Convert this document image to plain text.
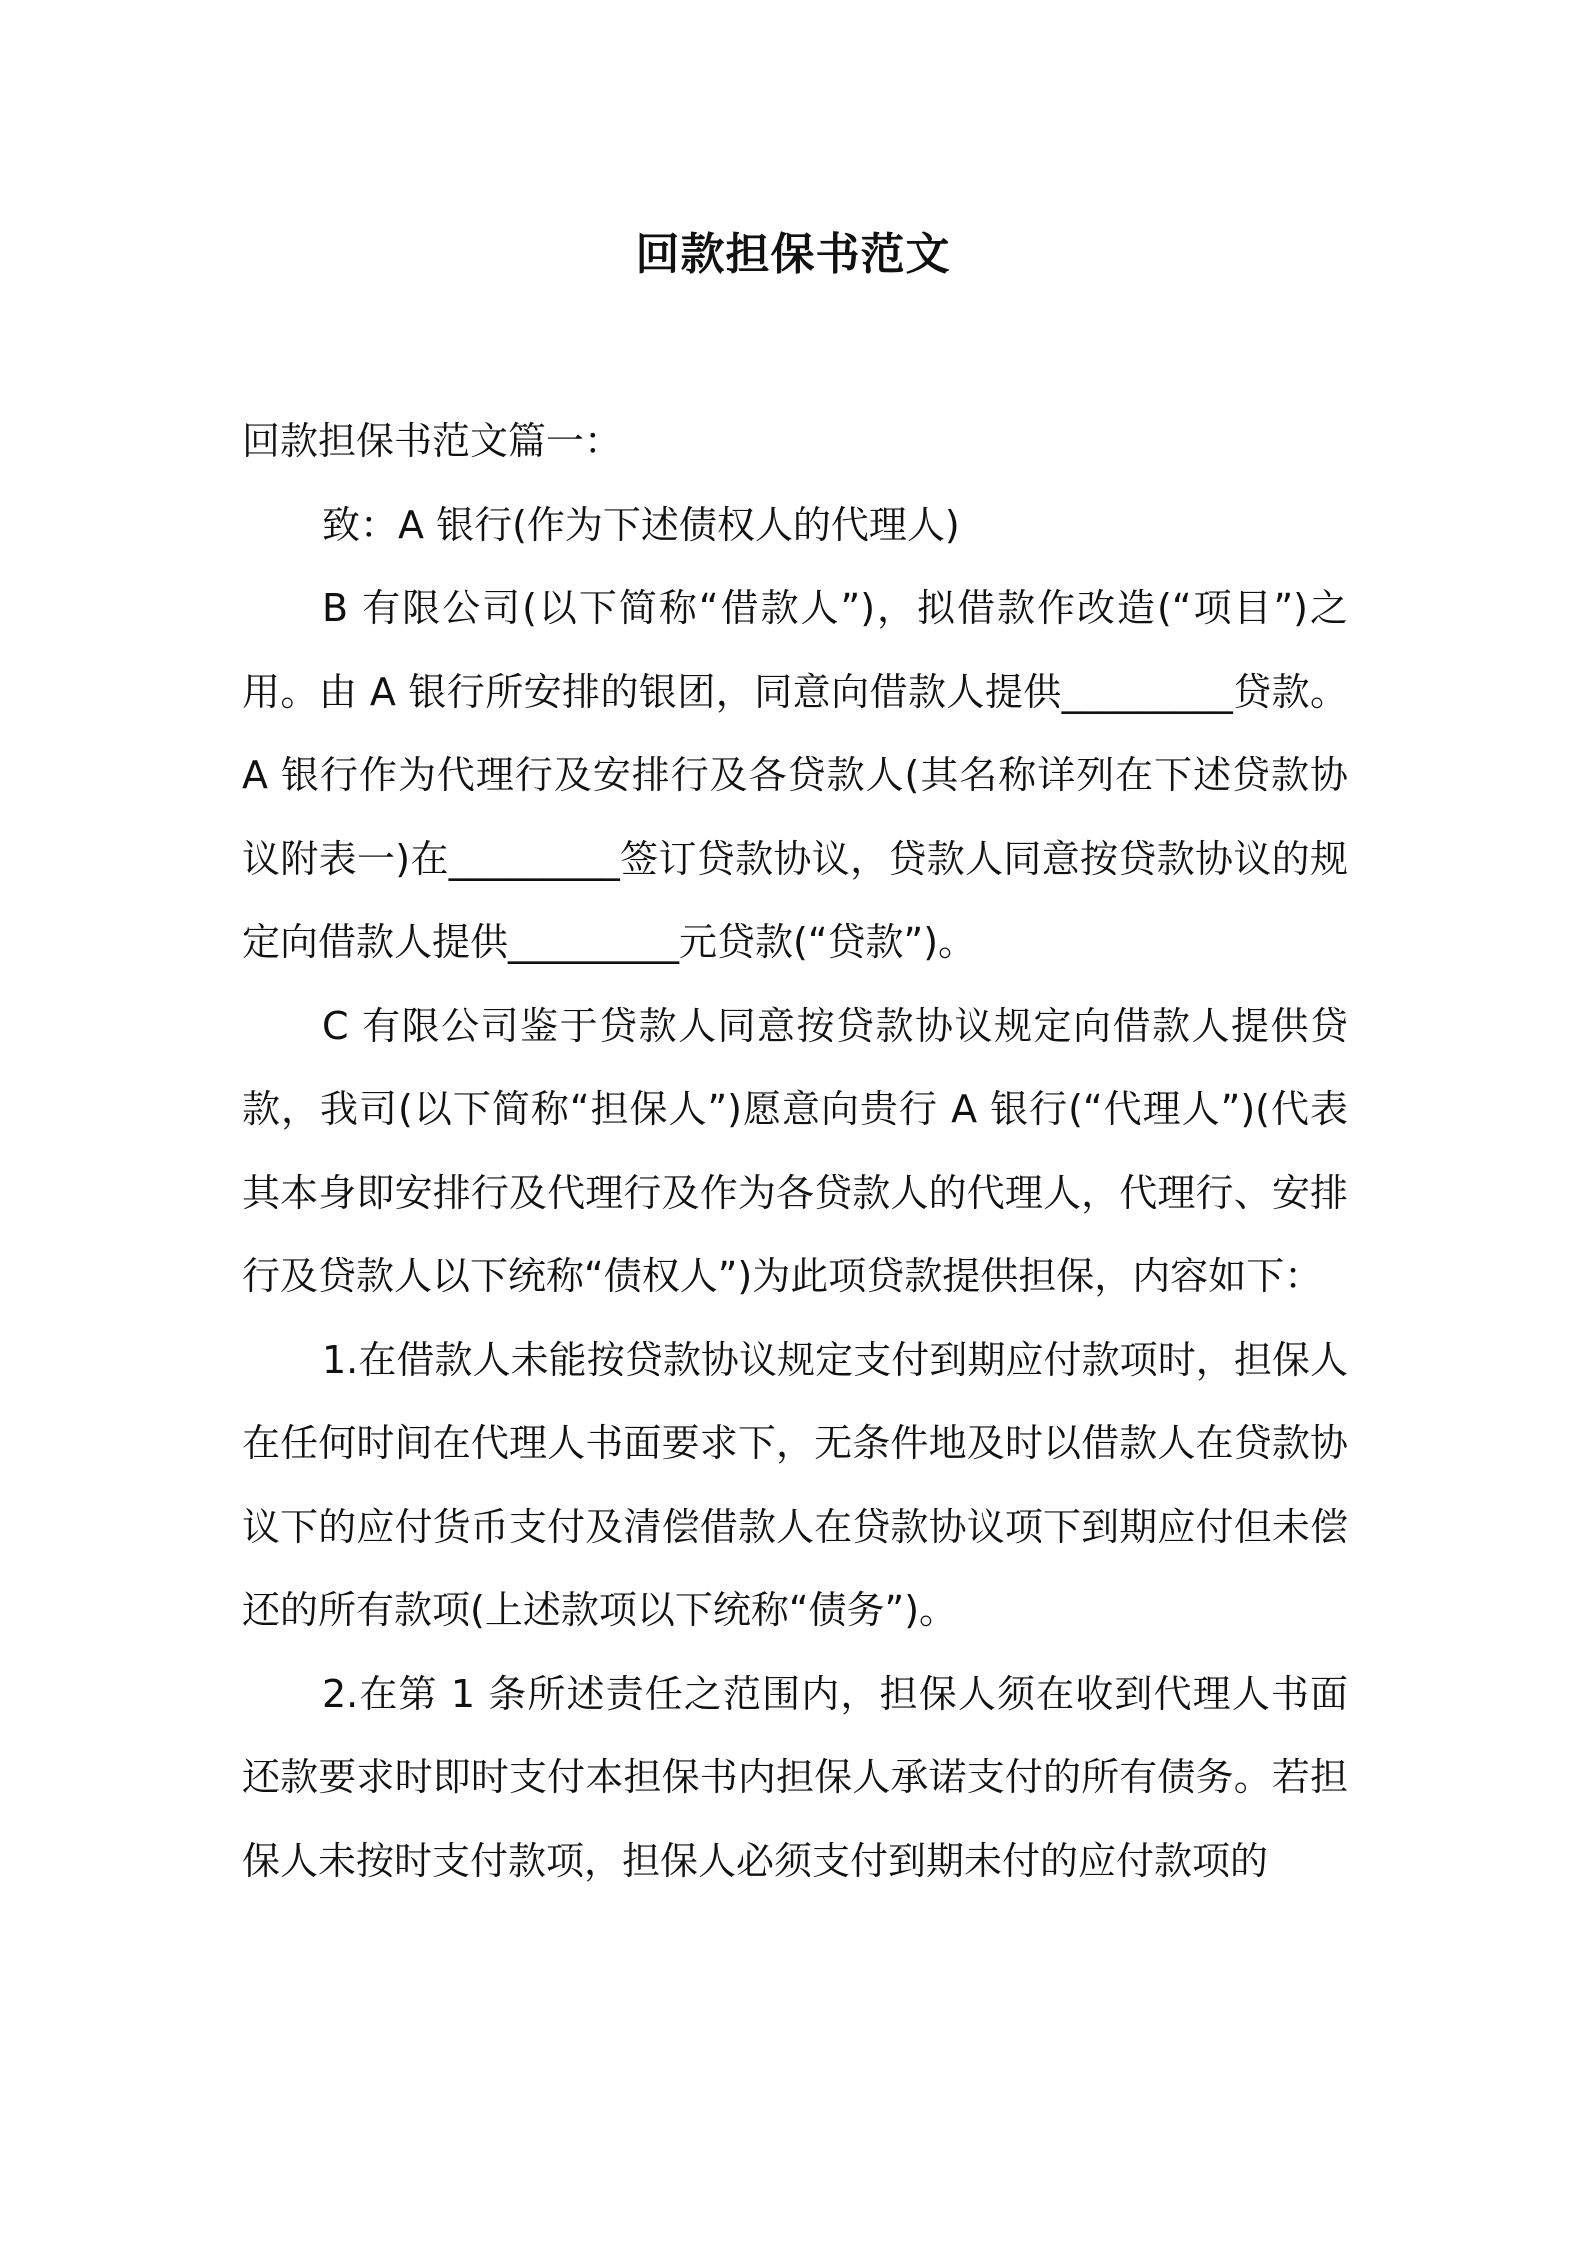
回款担保书范文

回款担保书范文篇一：

致：A 银行(作为下述债权人的代理人)

B 有限公司(以下简称“借款人”)，拟借款作改造(“项目”)之用。由 A 银行所安排的银团，同意向借款人提供_________贷款。A 银行作为代理行及安排行及各贷款人(其名称详列在下述贷款协议附表一)在_________签订贷款协议，贷款人同意按贷款协议的规定向借款人提供_________元贷款(“贷款”)。

C 有限公司鉴于贷款人同意按贷款协议规定向借款人提供贷款，我司(以下简称“担保人”)愿意向贵行 A 银行(“代理人”)(代表其本身即安排行及代理行及作为各贷款人的代理人，代理行、安排行及贷款人以下统称“债权人”)为此项贷款提供担保，内容如下：

1.在借款人未能按贷款协议规定支付到期应付款项时，担保人在任何时间在代理人书面要求下，无条件地及时以借款人在贷款协议下的应付货币支付及清偿借款人在贷款协议项下到期应付但未偿还的所有款项(上述款项以下统称“债务”)。

2.在第 1 条所述责任之范围内，担保人须在收到代理人书面还款要求时即时支付本担保书内担保人承诺支付的所有债务。若担保人未按时支付款项，担保人必须支付到期未付的应付款项的
